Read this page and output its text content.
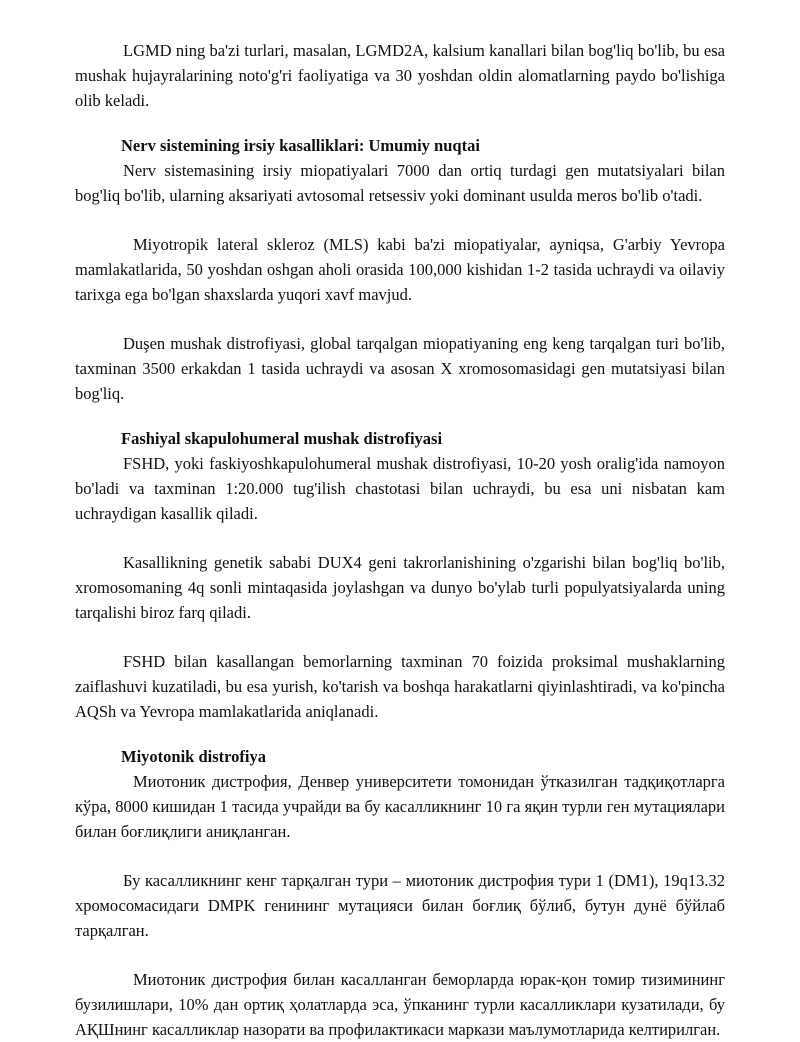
LGMD ning ba'zi turlari, masalan, LGMD2A, kalsium kanallari bilan bog'liq bo'lib, bu esa mushak hujayralarining noto'g'ri faoliyatiga va 30 yoshdan oldin alomatlarning paydo bo'lishiga olib keladi.

Nerv sistemining irsiy kasalliklari: Umumiy nuqtai

Nerv sistemasining irsiy miopatiyalari 7000 dan ortiq turdagi gen mutatsiyalari bilan bog'liq bo'lib, ularning aksariyati avtosomal retsessiv yoki dominant usulda meros bo'lib o'tadi.

Miyotropik lateral skleroz (MLS) kabi ba'zi miopatiyalar, ayniqsa, G'arbiy Yevropa mamlakatlarida, 50 yoshdan oshgan aholi orasida 100,000 kishidan 1-2 tasida uchraydi va oilaviy tarixga ega bo'lgan shaxslarda yuqori xavf mavjud.

Duşen mushak distrofiyasi, global tarqalgan miopatiyaning eng keng tarqalgan turi bo'lib, taxminan 3500 erkakdan 1 tasida uchraydi va asosan X xromosomasidagi gen mutatsiyasi bilan bog'liq.

Fashiyal skapulohumeral mushak distrofiyasi

FSHD, yoki faskiyoshkapulohumeral mushak distrofiyasi, 10-20 yosh oralig'ida namoyon bo'ladi va taxminan 1:20.000 tug'ilish chastotasi bilan uchraydi, bu esa uni nisbatan kam uchraydigan kasallik qiladi.

Kasallikning genetik sababi DUX4 geni takrorlanishining o'zgarishi bilan bog'liq bo'lib, xromosomaning 4q sonli mintaqasida joylashgan va dunyo bo'ylab turli populyatsiyalarda uning tarqalishi biroz farq qiladi.

FSHD bilan kasallangan bemorlarning taxminan 70 foizida proksimal mushaklarning zaiflashuvi kuzatiladi, bu esa yurish, ko'tarish va boshqa harakatlarni qiyinlashtiradi, va ko'pincha AQSh va Yevropa mamlakatlarida aniqlanadi.

Miyotonik distrofiya

Миотоник дистрофия, Денвер университети томонидан ўтказилган тадқиқотларга кўра, 8000 кишидан 1 тасида учрайди ва бу касалликнинг 10 га яқин турли ген мутациялари билан боғлиқлиги аниқланган.

Бу касалликнинг кенг тарқалган тури – миотоник дистрофия тури 1 (DM1), 19q13.32 хромосомасидаги DMPK генининг мутацияси билан боғлиқ бўлиб, бутун дунё бўйлаб тарқалган.

Миотоник дистрофия билан касалланган беморларда юрак-қон томир тизимининг бузилишлари, 10% дан ортиқ ҳолатларда эса, ўпканинг турли касалликлари кузатилади, бу АҚШнинг касалликлар назорати ва профилактикаси маркази маълумотларида келтирилган.
